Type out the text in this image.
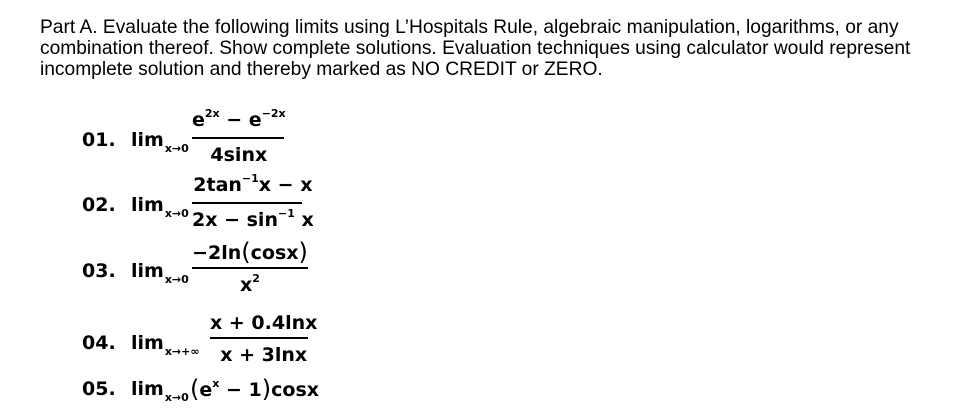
Part A. Evaluate the following limits using L’Hospitals Rule, algebraic manipulation, logarithms, or any
combination thereof. Show complete solutions. Evaluation techniques using calculator would represent
incomplete solution and thereby marked as NO CREDIT or ZERO.
01. $\lim_{x\to 0}$
$e^{2x} - e^{-2x}$
4sinx
02. $\lim_{x\to 0}$
$2\tan^{-1}x - x$
$2x - \sin^{-1} x$
03. $\lim_{x\to 0}$
−2ln(cosx)
$x^2$
04. $\lim_{x\to+\infty}$
x + 0.4lnx
x + 3lnx
05. $\lim_{x\to 0} (e^x - 1)\cos x$
